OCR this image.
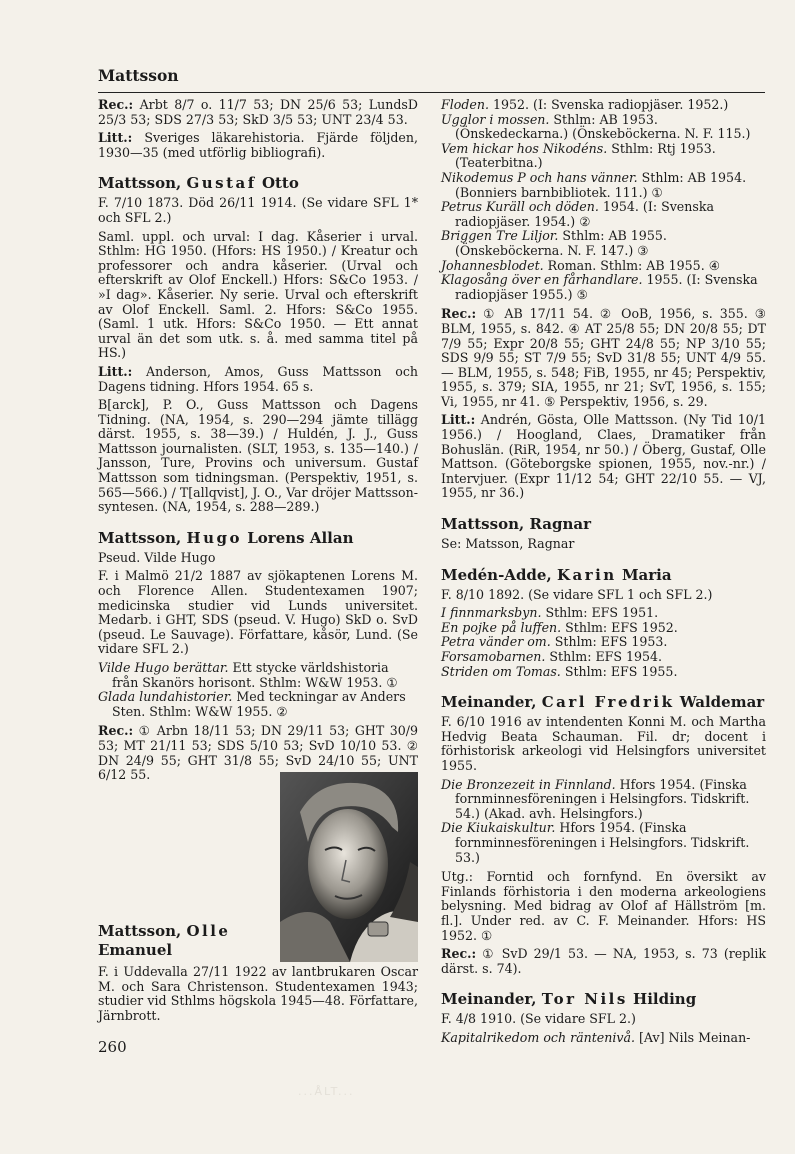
Mattsson
Rec.: Arbt 8/7 o. 11/7 53; DN 25/6 53; LundsD 25/3 53; SDS 27/3 53; SkD 3/5 53; UNT 23/4 53.
Litt.: Sveriges läkarehistoria. Fjärde följden, 1930—35 (med utförlig bibliografi).
Mattsson, Gustaf Otto
F. 7/10 1873. Död 26/11 1914. (Se vidare SFL 1* och SFL 2.)
Saml. uppl. och urval: I dag. Kåserier i urval. Sthlm: HG 1950. (Hfors: HS 1950.) / Kreatur och professorer och andra kåserier. (Urval och efterskrift av Olof Enckell.) Hfors: S&Co 1953. / »I dag». Kåserier. Ny serie. Urval och efterskrift av Olof Enckell. Saml. 2. Hfors: S&Co 1955. (Saml. 1 utk. Hfors: S&Co 1950. — Ett annat urval än det som utk. s. å. med samma titel på HS.)
Litt.: Anderson, Amos, Guss Mattsson och Dagens tidning. Hfors 1954. 65 s.
B[arck], P. O., Guss Mattsson och Dagens Tidning. (NA, 1954, s. 290—294 jämte tillägg därst. 1955, s. 38—39.) / Huldén, J. J., Guss Mattsson journalisten. (SLT, 1953, s. 135—140.) / Jansson, Ture, Provins och universum. Gustaf Mattsson som tidningsman. (Perspektiv, 1951, s. 565—566.) / T[allqvist], J. O., Var dröjer Mattsson-syntesen. (NA, 1954, s. 288—289.)
Mattsson, Hugo Lorens Allan
Pseud. Vilde Hugo
F. i Malmö 21/2 1887 av sjökaptenen Lorens M. och Florence Allen. Studentexamen 1907; medicinska studier vid Lunds universitet. Medarb. i GHT, SDS (pseud. V. Hugo) SkD o. SvD (pseud. Le Sauvage). Författare, kåsör, Lund. (Se vidare SFL 2.)
Vilde Hugo berättar. Ett stycke världshistoria från Skanörs horisont. Sthlm: W&W 1953. ①
Glada lundahistorier. Med teckningar av Anders Sten. Sthlm: W&W 1955. ②
Rec.: ① Arbn 18/11 53; DN 29/11 53; GHT 30/9 53; MT 21/11 53; SDS 5/10 53; SvD 10/10 53. ② DN 24/9 55; GHT 31/8 55; SvD 24/10 55; UNT 6/12 55.
Floden. 1952. (I: Svenska radiopjäser. 1952.)
Ugglor i mossen. Sthlm: AB 1953. (Önskedeckarna.) (Önskeböckerna. N. F. 115.)
Vem hickar hos Nikodéns. Sthlm: Rtj 1953. (Teaterbitna.)
Nikodemus P och hans vänner. Sthlm: AB 1954. (Bonniers barnbibliotek. 111.) ①
Petrus Kuräll och döden. 1954. (I: Svenska radiopjäser. 1954.) ②
Briggen Tre Liljor. Sthlm: AB 1955. (Önskeböckerna. N. F. 147.) ③
Johannesblodet. Roman. Sthlm: AB 1955. ④
Klagosång över en fårhandlare. 1955. (I: Svenska radiopjäser 1955.) ⑤
Rec.: ① AB 17/11 54. ② OoB, 1956, s. 355. ③ BLM, 1955, s. 842. ④ AT 25/8 55; DN 20/8 55; DT 7/9 55; Expr 20/8 55; GHT 24/8 55; NP 3/10 55; SDS 9/9 55; ST 7/9 55; SvD 31/8 55; UNT 4/9 55. — BLM, 1955, s. 548; FiB, 1955, nr 45; Perspektiv, 1955, s. 379; SIA, 1955, nr 21; SvT, 1956, s. 155; Vi, 1955, nr 41. ⑤ Perspektiv, 1956, s. 29.
Litt.: Andrén, Gösta, Olle Mattsson. (Ny Tid 10/1 1956.) / Hoogland, Claes, Dramatiker från Bohuslän. (RiR, 1954, nr 50.) / Öberg, Gustaf, Olle Mattson. (Göteborgske spionen, 1955, nov.-nr.) / Intervjuer. (Expr 11/12 54; GHT 22/10 55. — VJ, 1955, nr 36.)
Mattsson, Ragnar
Se: Matsson, Ragnar
Medén-Adde, Karin Maria
F. 8/10 1892. (Se vidare SFL 1 och SFL 2.)
I finnmarksbyn. Sthlm: EFS 1951.
En pojke på luffen. Sthlm: EFS 1952.
Petra vänder om. Sthlm: EFS 1953.
Forsamobarnen. Sthlm: EFS 1954.
Striden om Tomas. Sthlm: EFS 1955.
Meinander, Carl Fredrik Waldemar
F. 6/10 1916 av intendenten Konni M. och Martha Hedvig Beata Schauman. Fil. dr; docent i förhistorisk arkeologi vid Helsingfors universitet 1955.
Die Bronzezeit in Finnland. Hfors 1954. (Finska fornminnesföreningen i Helsingfors. Tidskrift. 54.) (Akad. avh. Helsingfors.)
Die Kiukaiskultur. Hfors 1954. (Finska fornminnesföreningen i Helsingfors. Tidskrift. 53.)
Utg.: Forntid och fornfynd. En översikt av Finlands förhistoria i den moderna arkeologiens belysning. Med bidrag av Olof af Hällström [m. fl.]. Under red. av C. F. Meinander. Hfors: HS 1952. ①
Rec.: ① SvD 29/1 53. — NA, 1953, s. 73 (replik därst. s. 74).
Meinander, Tor Nils Hilding
F. 4/8 1910. (Se vidare SFL 2.)
Kapitalrikedom och räntenivå. [Av] Nils Meinan-
Mattsson, Olle
Emanuel
F. i Uddevalla 27/11 1922 av lantbrukaren Oscar M. och Sara Christenson. Studentexamen 1943; studier vid Sthlms högskola 1945—48. Författare, Järnbrott.
260
...ÅLT...
